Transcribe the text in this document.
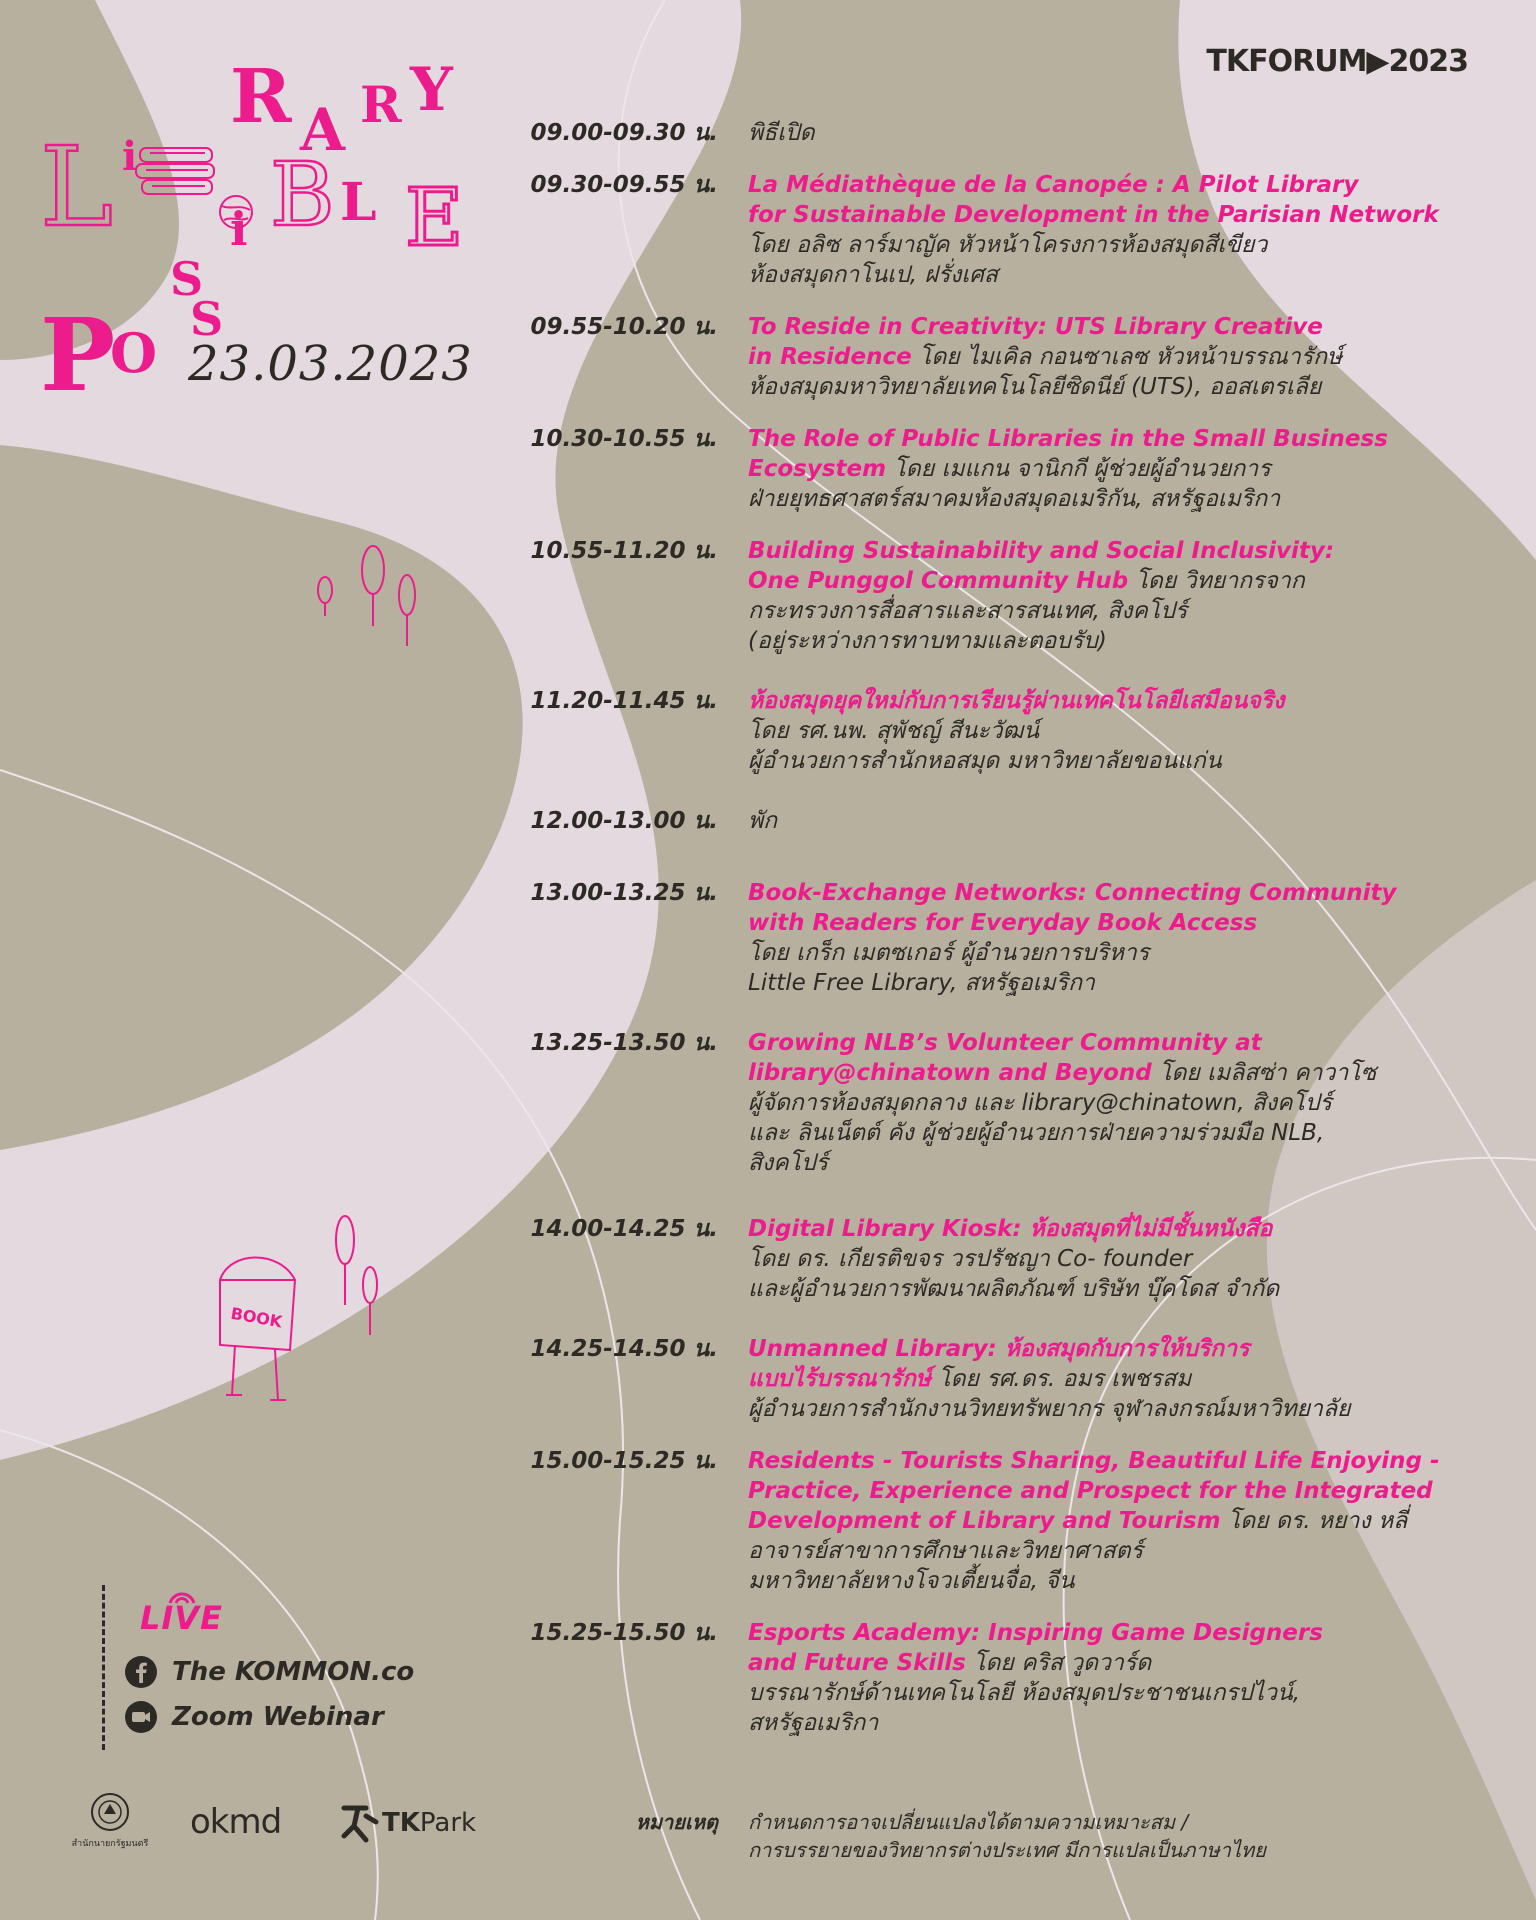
TKFORUM▶2023
R A R Y
L i
i B L E
S
S
P
O 23.03.2023
BOOK
09.00-09.30 น.	พิธีเปิด
09.30-09.55 น.	La Médiathèque de la Canopée : A Pilot Library
for Sustainable Development in the Parisian Network
โดย อลิซ ลาร์มาญัค หัวหน้าโครงการห้องสมุดสีเขียว
ห้องสมุดกาโนเป, ฝรั่งเศส
09.55-10.20 น.	To Reside in Creativity: UTS Library Creative
in Residence โดย ไมเคิล กอนซาเลซ หัวหน้าบรรณารักษ์
ห้องสมุดมหาวิทยาลัยเทคโนโลยีซิดนีย์ (UTS), ออสเตรเลีย
10.30-10.55 น.	The Role of Public Libraries in the Small Business
Ecosystem โดย เมแกน จานิกกี ผู้ช่วยผู้อำนวยการ
ฝ่ายยุทธศาสตร์สมาคมห้องสมุดอเมริกัน, สหรัฐอเมริกา
10.55-11.20 น.	Building Sustainability and Social Inclusivity:
One Punggol Community Hub โดย วิทยากรจาก
กระทรวงการสื่อสารและสารสนเทศ, สิงคโปร์
(อยู่ระหว่างการทาบทามและตอบรับ)
11.20-11.45 น.	ห้องสมุดยุคใหม่กับการเรียนรู้ผ่านเทคโนโลยีเสมือนจริง
โดย รศ.นพ. สุพัชญ์ สีนะวัฒน์
ผู้อำนวยการสำนักหอสมุด มหาวิทยาลัยขอนแก่น
12.00-13.00 น.	พัก
13.00-13.25 น.	Book-Exchange Networks: Connecting Community
with Readers for Everyday Book Access
โดย เกร็ก เมตซเกอร์ ผู้อำนวยการบริหาร
Little Free Library, สหรัฐอเมริกา
13.25-13.50 น.	Growing NLB’s Volunteer Community at
library@chinatown and Beyond โดย เมลิสซ่า คาวาโซ
ผู้จัดการห้องสมุดกลาง และ library@chinatown, สิงคโปร์
และ ลินเน็ตต์ คัง ผู้ช่วยผู้อำนวยการฝ่ายความร่วมมือ NLB,
สิงคโปร์
14.00-14.25 น.	Digital Library Kiosk: ห้องสมุดที่ไม่มีชั้นหนังสือ
โดย ดร. เกียรติขจร วรปรัชญา Co- founder
และผู้อำนวยการพัฒนาผลิตภัณฑ์ บริษัท บุ๊คโดส จำกัด
14.25-14.50 น.	Unmanned Library: ห้องสมุดกับการให้บริการ
แบบไร้บรรณารักษ์ โดย รศ.ดร. อมร เพชรสม
ผู้อำนวยการสำนักงานวิทยทรัพยากร จุฬาลงกรณ์มหาวิทยาลัย
15.00-15.25 น.	Residents - Tourists Sharing, Beautiful Life Enjoying -
Practice, Experience and Prospect for the Integrated
Development of Library and Tourism โดย ดร. หยาง หลี่
อาจารย์สาขาการศึกษาและวิทยาศาสตร์
มหาวิทยาลัยหางโจวเตี้ยนจื่อ, จีน
15.25-15.50 น.	Esports Academy: Inspiring Game Designers
and Future Skills โดย คริส วูดวาร์ด
บรรณารักษ์ด้านเทคโนโลยี ห้องสมุดประชาชนเกรปไวน์,
สหรัฐอเมริกา
LIVE
The KOMMON.co
Zoom Webinar
สำนักนายกรัฐมนตรี
okmd	TKPark	หมายเหตุ	กำหนดการอาจเปลี่ยนแปลงได้ตามความเหมาะสม /
การบรรยายของวิทยากรต่างประเทศ มีการแปลเป็นภาษาไทย
